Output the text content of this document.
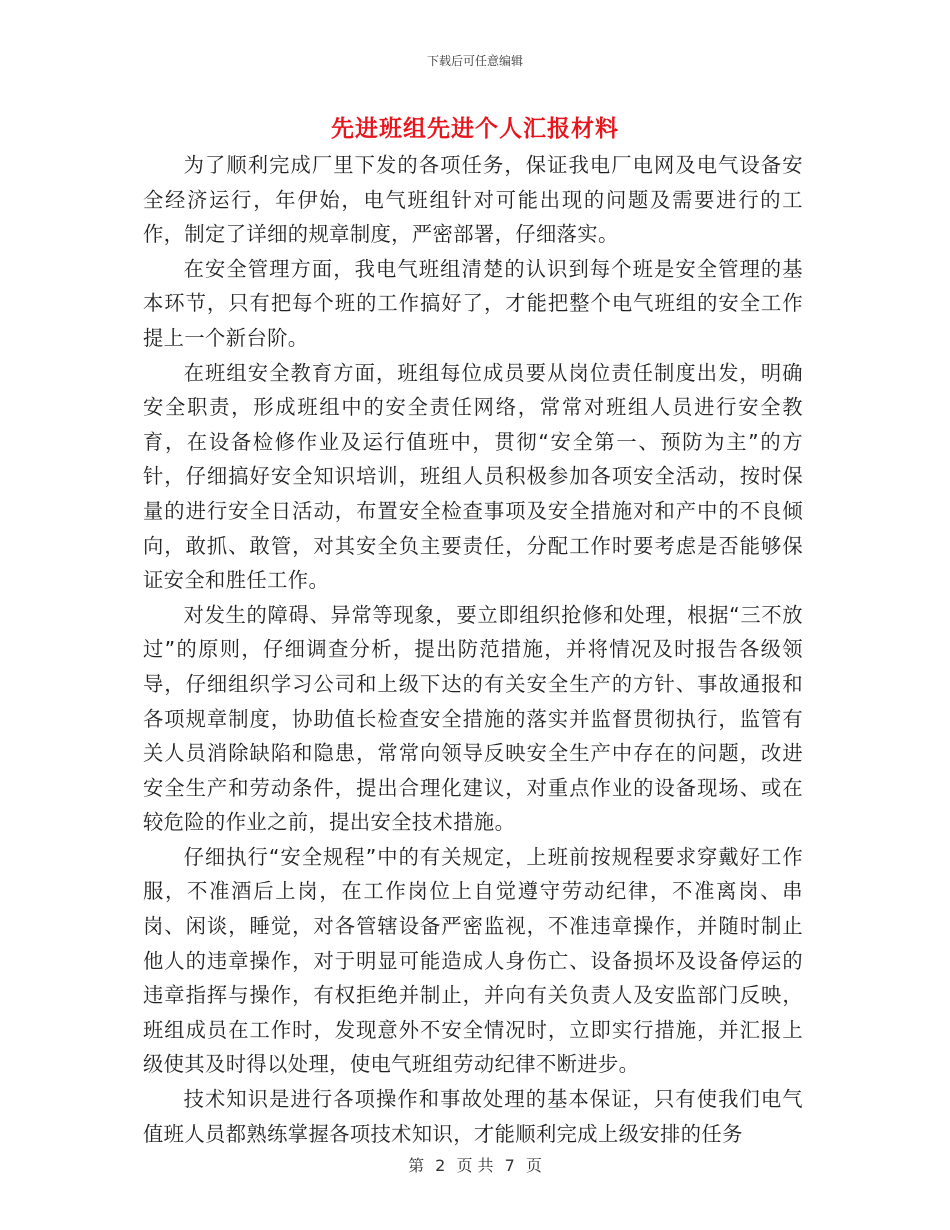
下载后可任意编辑
先进班组先进个人汇报材料

为了顺利完成厂里下发的各项任务，保证我电厂电网及电气设备安全经济运行，年伊始，电气班组针对可能出现的问题及需要进行的工作，制定了详细的规章制度，严密部署，仔细落实。

在安全管理方面，我电气班组清楚的认识到每个班是安全管理的基本环节，只有把每个班的工作搞好了，才能把整个电气班组的安全工作提上一个新台阶。

在班组安全教育方面，班组每位成员要从岗位责任制度出发，明确安全职责，形成班组中的安全责任网络，常常对班组人员进行安全教育，在设备检修作业及运行值班中，贯彻“安全第一、预防为主”的方针，仔细搞好安全知识培训，班组人员积极参加各项安全活动，按时保量的进行安全日活动，布置安全检查事项及安全措施对和产中的不良倾向，敢抓、敢管，对其安全负主要责任，分配工作时要考虑是否能够保证安全和胜任工作。

对发生的障碍、异常等现象，要立即组织抢修和处理，根据“三不放过”的原则，仔细调查分析，提出防范措施，并将情况及时报告各级领导，仔细组织学习公司和上级下达的有关安全生产的方针、事故通报和各项规章制度，协助值长检查安全措施的落实并监督贯彻执行，监管有关人员消除缺陷和隐患，常常向领导反映安全生产中存在的问题，改进安全生产和劳动条件，提出合理化建议，对重点作业的设备现场、或在较危险的作业之前，提出安全技术措施。

仔细执行“安全规程”中的有关规定，上班前按规程要求穿戴好工作服，不准酒后上岗，在工作岗位上自觉遵守劳动纪律，不准离岗、串岗、闲谈，睡觉，对各管辖设备严密监视，不准违章操作，并随时制止他人的违章操作，对于明显可能造成人身伤亡、设备损坏及设备停运的违章指挥与操作，有权拒绝并制止，并向有关负责人及安监部门反映，班组成员在工作时，发现意外不安全情况时，立即实行措施，并汇报上级使其及时得以处理，使电气班组劳动纪律不断进步。

技术知识是进行各项操作和事故处理的基本保证，只有使我们电气值班人员都熟练掌握各项技术知识，才能顺利完成上级安排的任务

第 2 页 共 7 页
